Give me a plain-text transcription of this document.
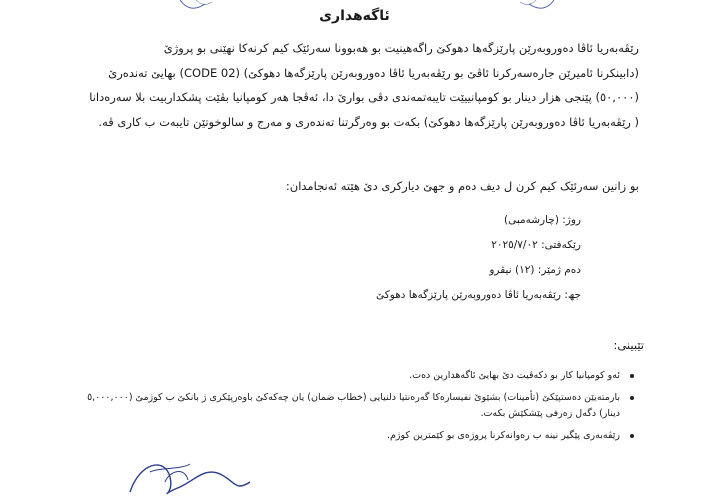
ئاگەهداری

رێڤەبەریا ئاڤا دەوروبەرێن پارێزگەها دهوکێ راگەهینیت بو هەبوونا سەرئێک کیم کرنەکا نهێنی بو پروژێ

(دابینکرنا ئامیرێن جارەسەرکرنا ئاڤێ بو رێڤەبەریا ئاڤا دەوروبەرێن پارێزگەها دهوکێ) (CODE 02) بهایێ تەندەرێ

(٥٠,٠٠٠) پێنجی هزار دینار بو کومپانییێت تایبەتمەندی دڤی بوارێ دا، ئەڤجا هەر کومپانیا بڤێت پشکداربیت بلا سەرەدانا

( رێڤەبەریا ئاڤا دەوروبەرێن پارێزگەها دهوکێ) بکەت بو وەرگرتنا تەندەری و مەرج و سالوخوتێن تایبەت ب کاری ڤە.

بو زانین سەرئێک کیم کرن ل دیف دەم و جهێ دیارکری دێ هێتە ئەنجامدان:
روژ: (چارشەمبی)
رێکەفتی: ٢٠٢٥/٧/٠٢
دەم ژمێر: (١٢) نیڤرو
جھ: رێڤەبەریا ئاڤا دەوروبەرێن پارێزگەها دهوکێ
تێبینی:
ئەو کومپانیا کار بو دکەڤیت دێ بهایێ ئاگەهدارین دەت.
بارمتەیێن دەستپێکێ (تأمینات) بشێوێ نفیسارەکا گەرەنتیا دلنیایی (خطاب ضمان) یان چەکەکێ باوەرپێکری ژ بانکێ ب کوژمێ (٥,٠٠٠,٠٠٠ دینار) دگەل زەرفی پێشکێش بکەت.
رێڤەبەری پێگیر نینە ب رەوانەکرنا پروژەی بو کێمترین کوژم.
